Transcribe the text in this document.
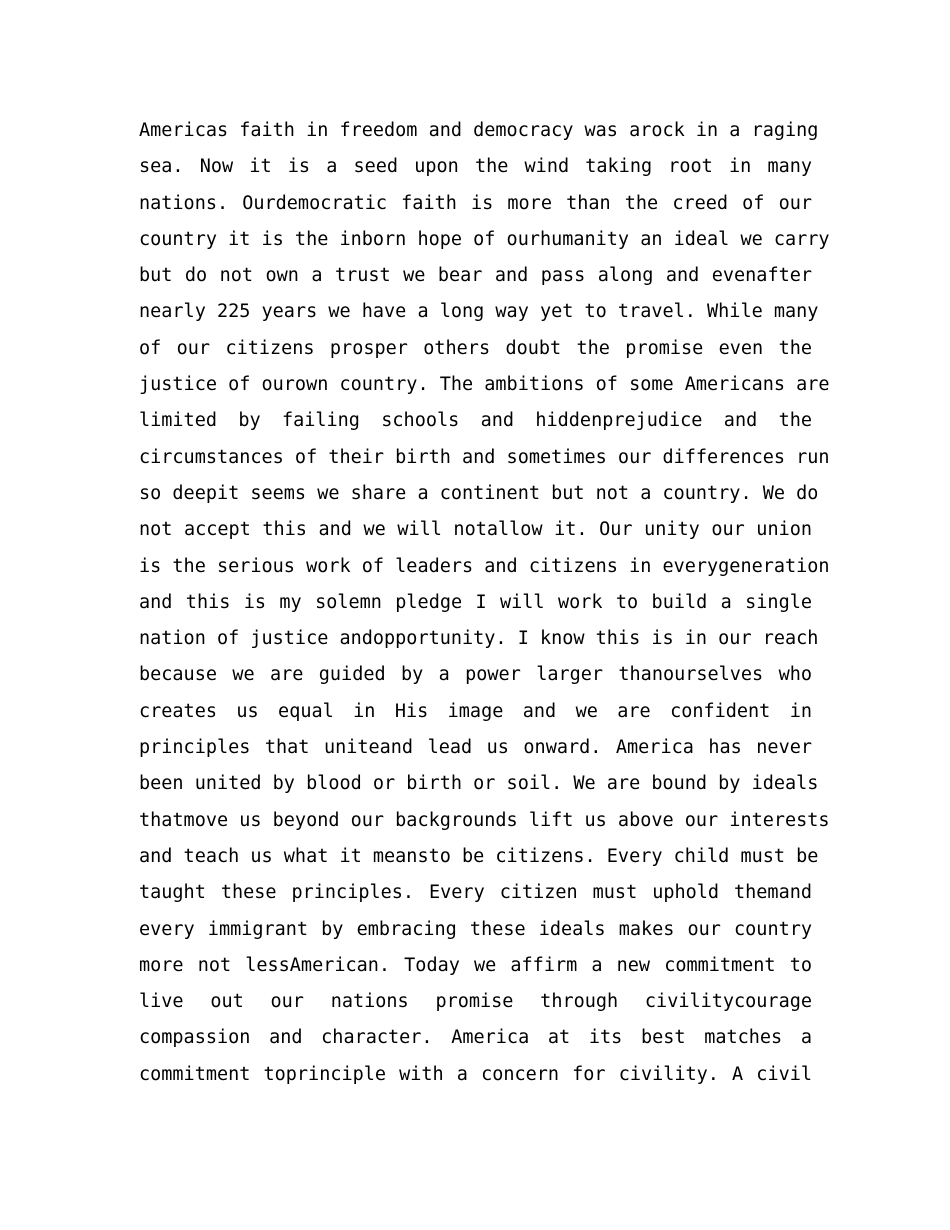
Americas faith in freedom and democracy was arock in a raging
sea. Now it is a seed upon the wind taking root in many
nations. Ourdemocratic faith is more than the creed of our
country it is the inborn hope of ourhumanity an ideal we carry
but do not own a trust we bear and pass along and evenafter
nearly 225 years we have a long way yet to travel. While many
of our citizens prosper others doubt the promise even the
justice of ourown country. The ambitions of some Americans are
limited by failing schools and hiddenprejudice and the
circumstances of their birth and sometimes our differences run
so deepit seems we share a continent but not a country. We do
not accept this and we will notallow it. Our unity our union
is the serious work of leaders and citizens in everygeneration
and this is my solemn pledge I will work to build a single
nation of justice andopportunity. I know this is in our reach
because we are guided by a power larger thanourselves who
creates us equal in His image and we are confident in
principles that uniteand lead us onward. America has never
been united by blood or birth or soil. We are bound by ideals
thatmove us beyond our backgrounds lift us above our interests
and teach us what it meansto be citizens. Every child must be
taught these principles. Every citizen must uphold themand
every immigrant by embracing these ideals makes our country
more not lessAmerican. Today we affirm a new commitment to
live out our nations promise through civilitycourage
compassion and character. America at its best matches a
commitment toprinciple with a concern for civility. A civil
